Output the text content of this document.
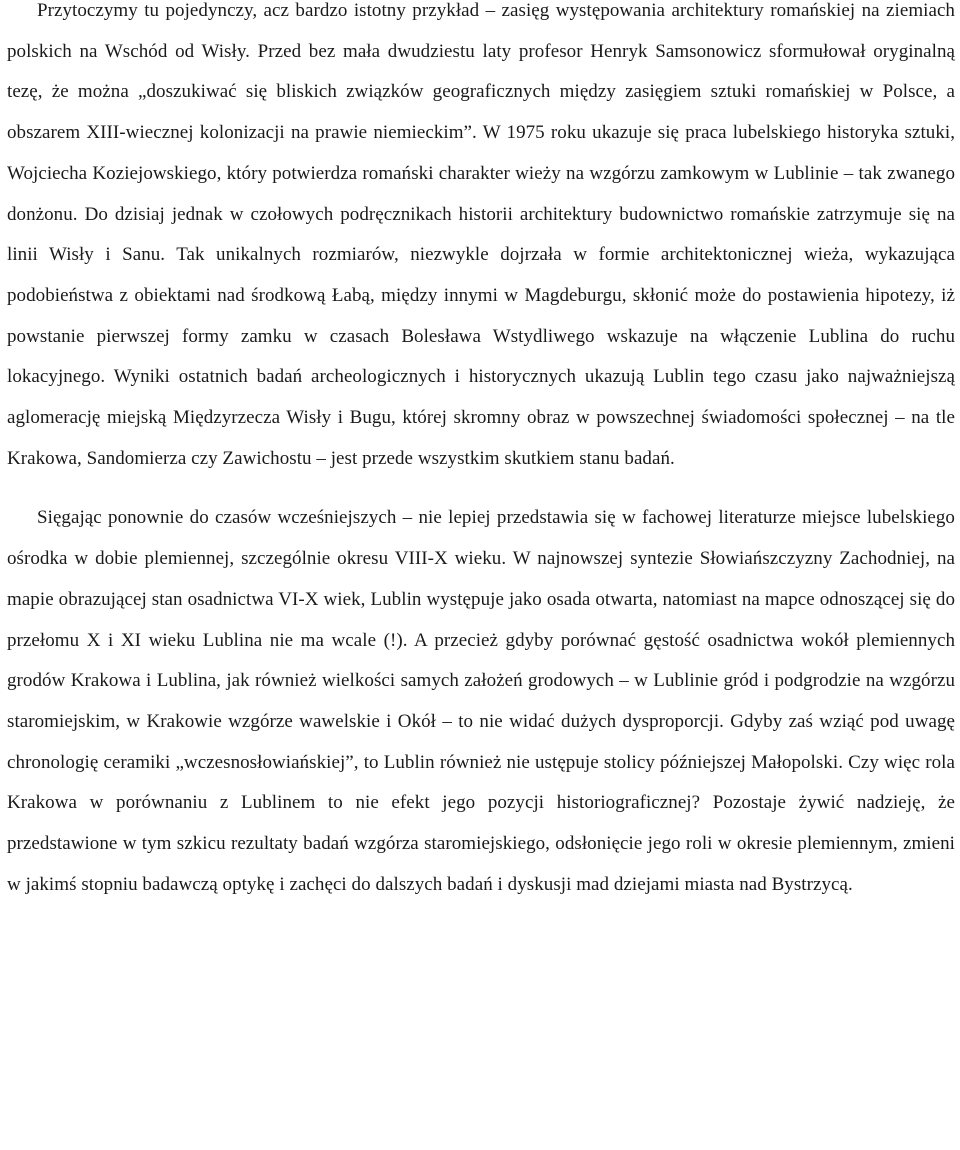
Przytoczymy tu pojedynczy, acz bardzo istotny przykład – zasięg występowania architektury romańskiej na ziemiach polskich na Wschód od Wisły. Przed bez mała dwudziestu laty profesor Henryk Samsonowicz sformułował oryginalną tezę, że można „doszukiwać się bliskich związków geograficznych między zasięgiem sztuki romańskiej w Polsce, a obszarem XIII-wiecznej kolonizacji na prawie niemieckim”. W 1975 roku ukazuje się praca lubelskiego historyka sztuki, Wojciecha Koziejowskiego, który potwierdza romański charakter wieży na wzgórzu zamkowym w Lublinie – tak zwanego donżonu. Do dzisiaj jednak w czołowych podręcznikach historii architektury budownictwo romańskie zatrzymuje się na linii Wisły i Sanu. Tak unikalnych rozmiarów, niezwykle dojrzała w formie architektonicznej wieża, wykazująca podobieństwa z obiektami nad środkową Łabą, między innymi w Magdeburgu, skłonić może do postawienia hipotezy, iż powstanie pierwszej formy zamku w czasach Bolesława Wstydliwego wskazuje na włączenie Lublina do ruchu lokacyjnego. Wyniki ostatnich badań archeologicznych i historycznych ukazują Lublin tego czasu jako najważniejszą aglomerację miejską Międzyrzecza Wisły i Bugu, której skromny obraz w powszechnej świadomości społecznej – na tle Krakowa, Sandomierza czy Zawichostu – jest przede wszystkim skutkiem stanu badań.

Sięgając ponownie do czasów wcześniejszych – nie lepiej przedstawia się w fachowej literaturze miejsce lubelskiego ośrodka w dobie plemiennej, szczególnie okresu VIII-X wieku. W najnowszej syntezie Słowiańszczyzny Zachodniej, na mapie obrazującej stan osadnictwa VI-X wiek, Lublin występuje jako osada otwarta, natomiast na mapce odnoszącej się do przełomu X i XI wieku Lublina nie ma wcale (!). A przecież gdyby porównać gęstość osadnictwa wokół plemiennych grodów Krakowa i Lublina, jak również wielkości samych założeń grodowych – w Lublinie gród i podgrodzie na wzgórzu staromiejskim, w Krakowie wzgórze wawelskie i Okół – to nie widać dużych dysproporcji. Gdyby zaś wziąć pod uwagę chronologię ceramiki „wczesnosłowiańskiej”, to Lublin również nie ustępuje stolicy późniejszej Małopolski. Czy więc rola Krakowa w porównaniu z Lublinem to nie efekt jego pozycji historiograficznej? Pozostaje żywić nadzieję, że przedstawione w tym szkicu rezultaty badań wzgórza staromiejskiego, odsłonięcie jego roli w okresie plemiennym, zmieni w jakimś stopniu badawczą optykę i zachęci do dalszych badań i dyskusji mad dziejami miasta nad Bystrzycą.
